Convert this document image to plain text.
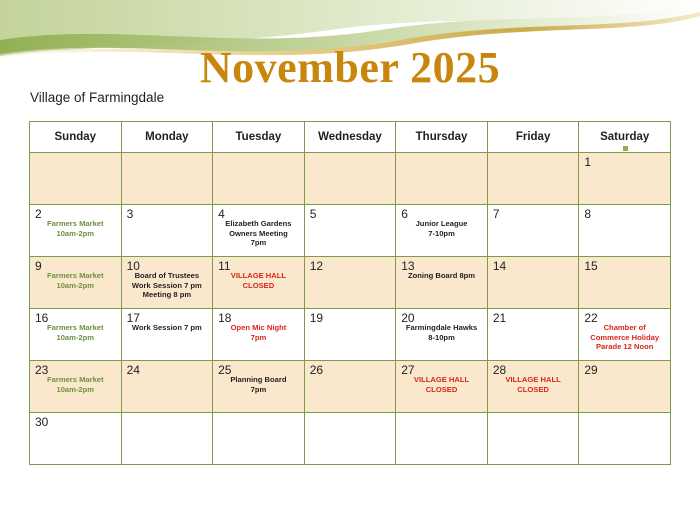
November 2025
Village of Farmingdale
Sunday	Monday	Tuesday	Wednesday	Thursday	Friday	Saturday

						1

2
Farmers Market
10am-2pm	3	4
Elizabeth Gardens
Owners Meeting
7pm	5	6
Junior League
7-10pm	7	8

9
Farmers Market
10am-2pm	10
Board of Trustees
Work Session 7 pm
Meeting 8 pm	11
VILLAGE HALL
CLOSED	12	13
Zoning Board 8pm	14	15

16
Farmers Market
10am-2pm	17
Work Session 7 pm	18
Open Mic Night
7pm	19	20
Farmingdale Hawks
8-10pm	21	22
Chamber of
Commerce Holiday
Parade 12 Noon

23
Farmers Market
10am-2pm	24	25
Planning Board
7pm	26	27
VILLAGE HALL
CLOSED	28
VILLAGE HALL
CLOSED	29

30						
